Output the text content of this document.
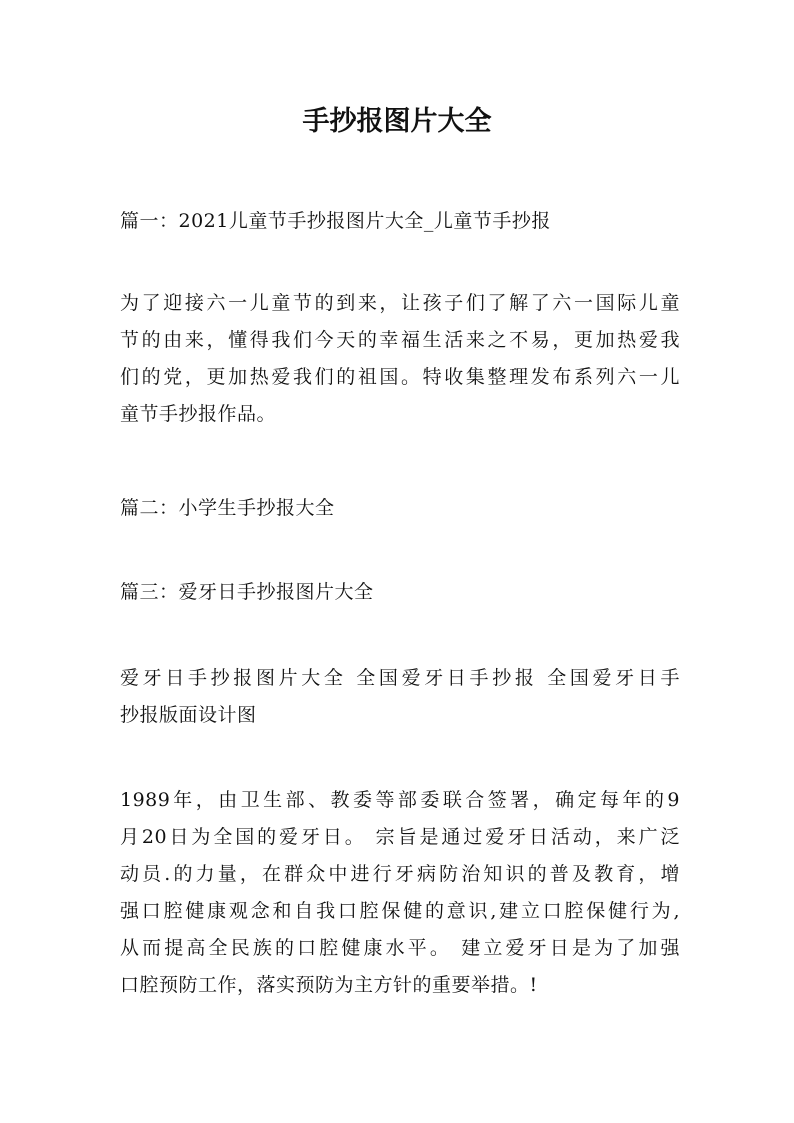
手抄报图片大全

篇一：2021儿童节手抄报图片大全_儿童节手抄报

为了迎接六一儿童节的到来，让孩子们了解了六一国际儿童

节的由来，懂得我们今天的幸福生活来之不易，更加热爱我

们的党，更加热爱我们的祖国。特收集整理发布系列六一儿

童节手抄报作品。

篇二：小学生手抄报大全

篇三：爱牙日手抄报图片大全

爱牙日手抄报图片大全 全国爱牙日手抄报 全国爱牙日手

抄报版面设计图

1989年，由卫生部、教委等部委联合签署，确定每年的9

月20日为全国的爱牙日。 宗旨是通过爱牙日活动，来广泛

动员.的力量，在群众中进行牙病防治知识的普及教育，增

强口腔健康观念和自我口腔保健的意识,建立口腔保健行为,

从而提高全民族的口腔健康水平。 建立爱牙日是为了加强

口腔预防工作，落实预防为主方针的重要举措。!
